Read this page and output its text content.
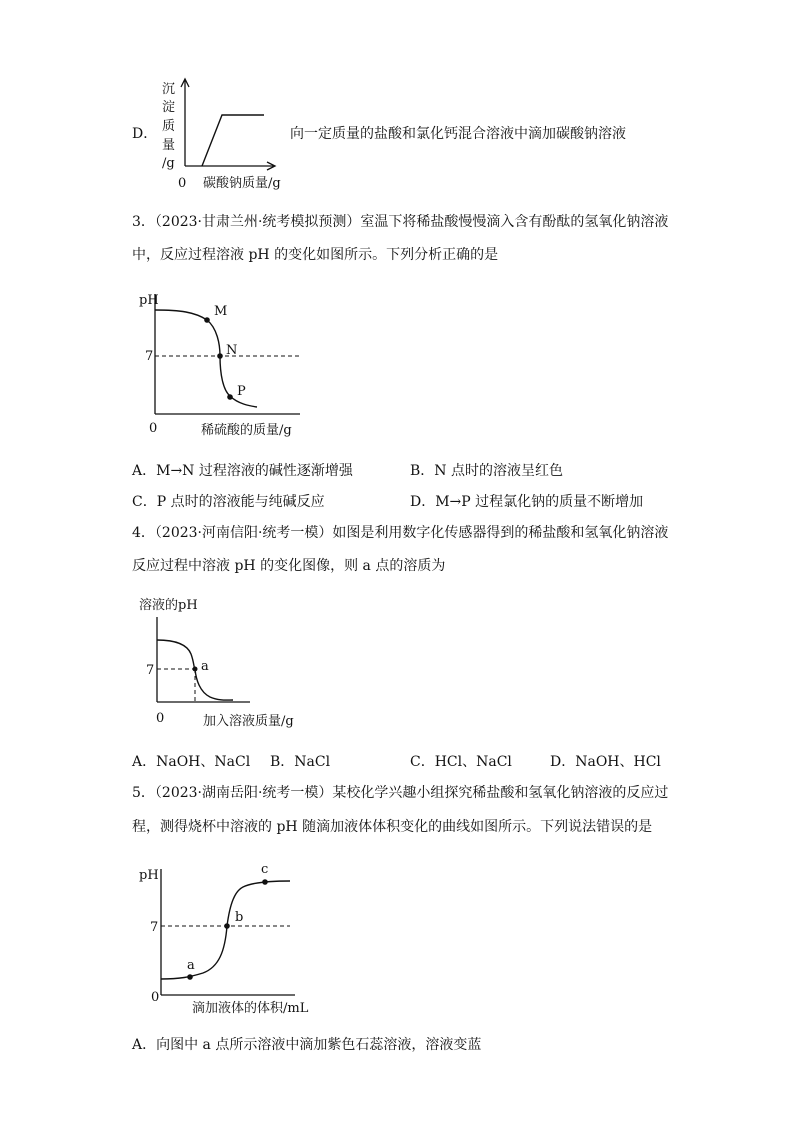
D．
沉
淀
质
量
/g
0 碳酸钠质量/g
向一定质量的盐酸和氯化钙混合溶液中滴加碳酸钠溶液
3．（2023·甘肃兰州·统考模拟预测）室温下将稀盐酸慢慢滴入含有酚酞的氢氧化钠溶液
中，反应过程溶液 pH 的变化如图所示。下列分析正确的是
pH
7
M
N
P
0	稀硫酸的质量/g
A．M→N 过程溶液的碱性逐渐增强	B．N 点时的溶液呈红色
C．P 点时的溶液能与纯碱反应	D．M→P 过程氯化钠的质量不断增加
4．（2023·河南信阳·统考一模）如图是利用数字化传感器得到的稀盐酸和氢氧化钠溶液
反应过程中溶液 pH 的变化图像，则 a 点的溶质为
溶液的pH
7	a
0	加入溶液质量/g
A．NaOH、NaCl B．NaCl	C．HCl、NaCl	D．NaOH、HCl
5．（2023·湖南岳阳·统考一模）某校化学兴趣小组探究稀盐酸和氢氧化钠溶液的反应过
程，测得烧杯中溶液的 pH 随滴加液体体积变化的曲线如图所示。下列说法错误的是
pH
7
a
b
c
0
滴加液体的体积/mL
A．向图中 a 点所示溶液中滴加紫色石蕊溶液，溶液变蓝
